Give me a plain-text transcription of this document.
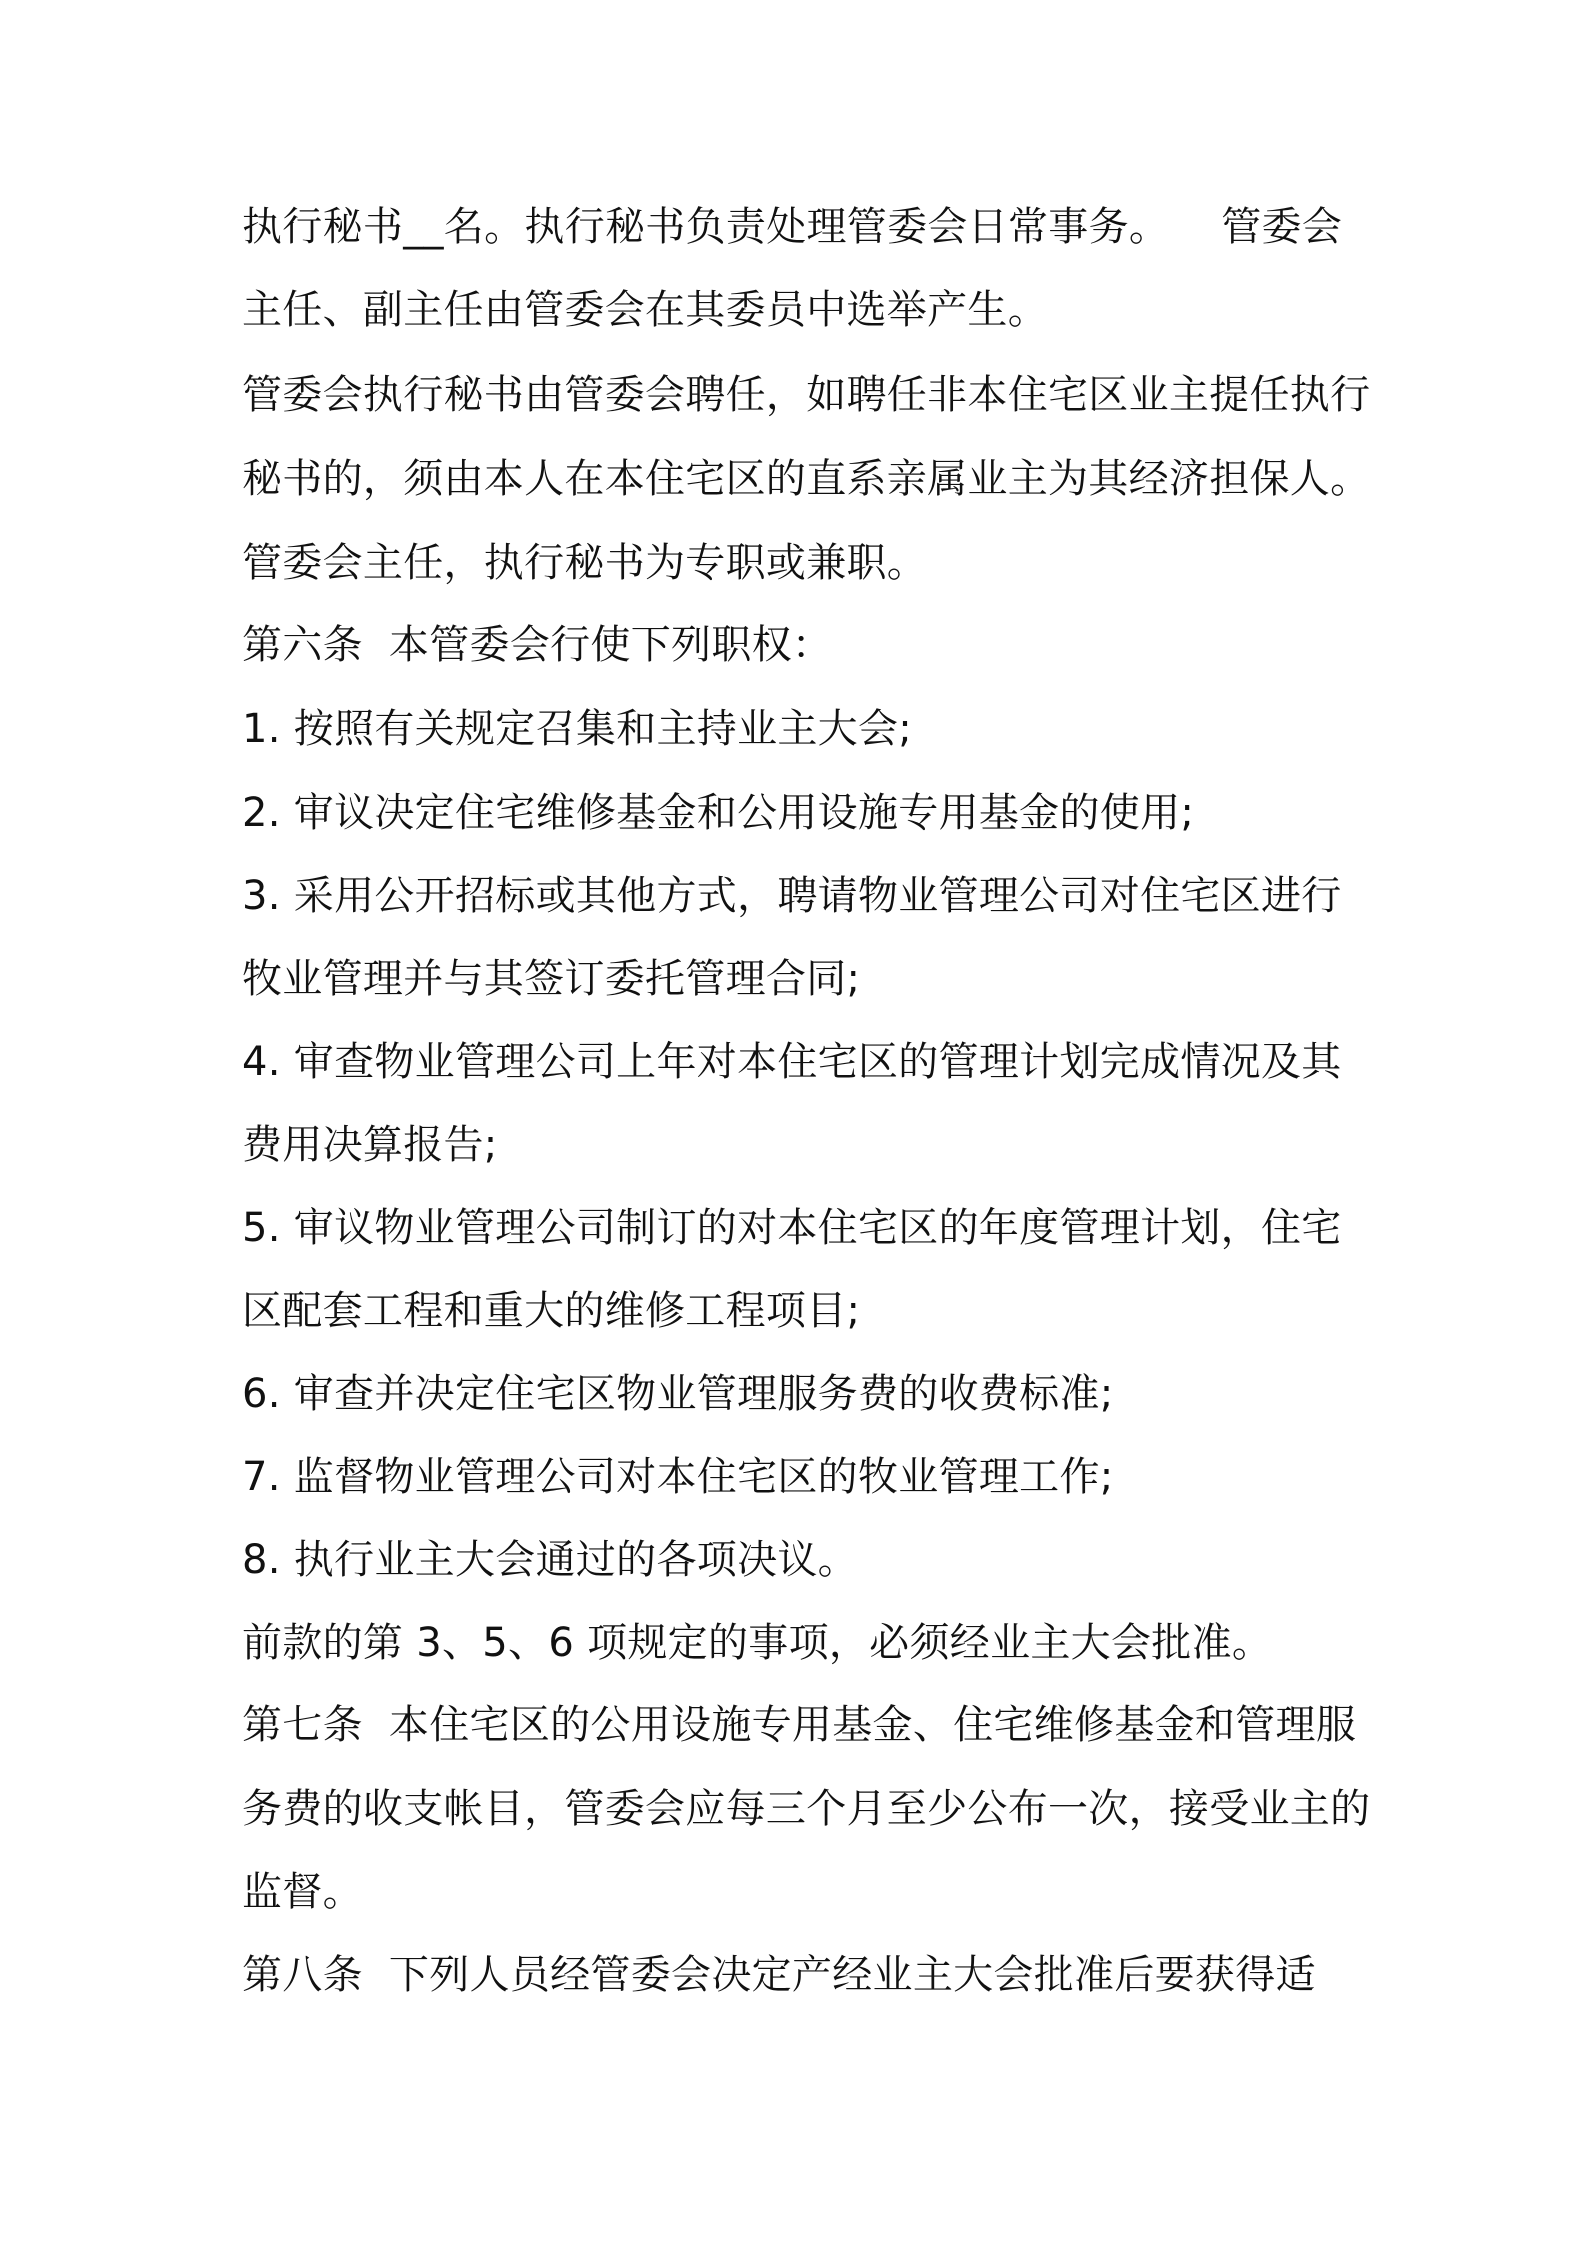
执行秘书__名。执行秘书负责处理管委会日常事务。    管委会
主任、副主任由管委会在其委员中选举产生。
管委会执行秘书由管委会聘任，如聘任非本住宅区业主提任执行
秘书的，须由本人在本住宅区的直系亲属业主为其经济担保人。
管委会主任，执行秘书为专职或兼职。
第六条  本管委会行使下列职权：
1. 按照有关规定召集和主持业主大会;
2. 审议决定住宅维修基金和公用设施专用基金的使用;
3. 采用公开招标或其他方式，聘请物业管理公司对住宅区进行
牧业管理并与其签订委托管理合同;
4. 审查物业管理公司上年对本住宅区的管理计划完成情况及其
费用决算报告;
5. 审议物业管理公司制订的对本住宅区的年度管理计划，住宅
区配套工程和重大的维修工程项目;
6. 审查并决定住宅区物业管理服务费的收费标准;
7. 监督物业管理公司对本住宅区的牧业管理工作;
8. 执行业主大会通过的各项决议。
前款的第 3、5、6 项规定的事项，必须经业主大会批准。
第七条  本住宅区的公用设施专用基金、住宅维修基金和管理服
务费的收支帐目，管委会应每三个月至少公布一次，接受业主的
监督。
第八条  下列人员经管委会决定产经业主大会批准后要获得适
